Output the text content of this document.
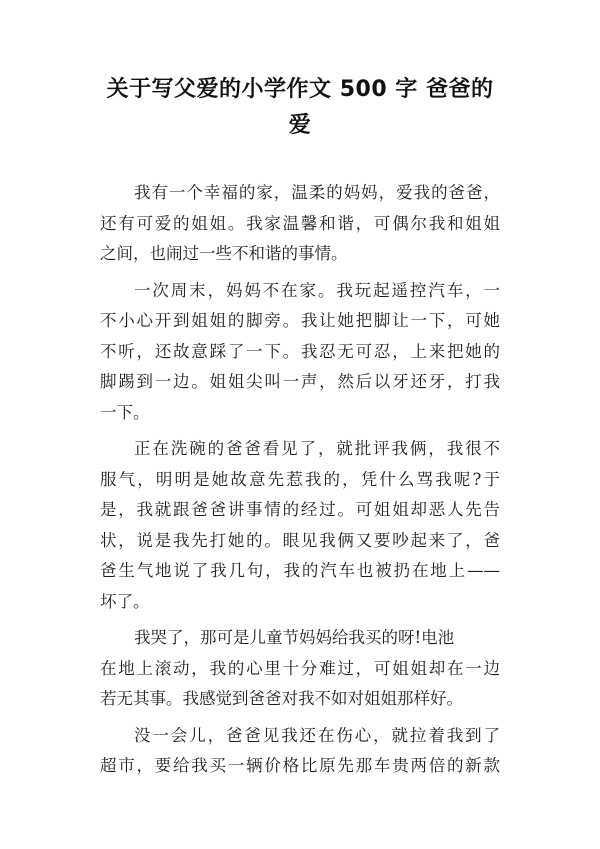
关于写父爱的小学作文 500 字 爸爸的
爱
我有一个幸福的家，温柔的妈妈，爱我的爸爸，
还有可爱的姐姐。我家温馨和谐，可偶尔我和姐姐
之间，也闹过一些不和谐的事情。
一次周末，妈妈不在家。我玩起遥控汽车，一
不小心开到姐姐的脚旁。我让她把脚让一下，可她
不听，还故意踩了一下。我忍无可忍，上来把她的
脚踢到一边。姐姐尖叫一声，然后以牙还牙，打我
一下。
正在洗碗的爸爸看见了，就批评我俩，我很不
服气，明明是她故意先惹我的，凭什么骂我呢?于
是，我就跟爸爸讲事情的经过。可姐姐却恶人先告
状，说是我先打她的。眼见我俩又要吵起来了，爸
爸生气地说了我几句，我的汽车也被扔在地上——
坏了。
我哭了，那可是儿童节妈妈给我买的呀!电池
在地上滚动，我的心里十分难过，可姐姐却在一边
若无其事。我感觉到爸爸对我不如对姐姐那样好。
没一会儿，爸爸见我还在伤心，就拉着我到了
超市，要给我买一辆价格比原先那车贵两倍的新款
